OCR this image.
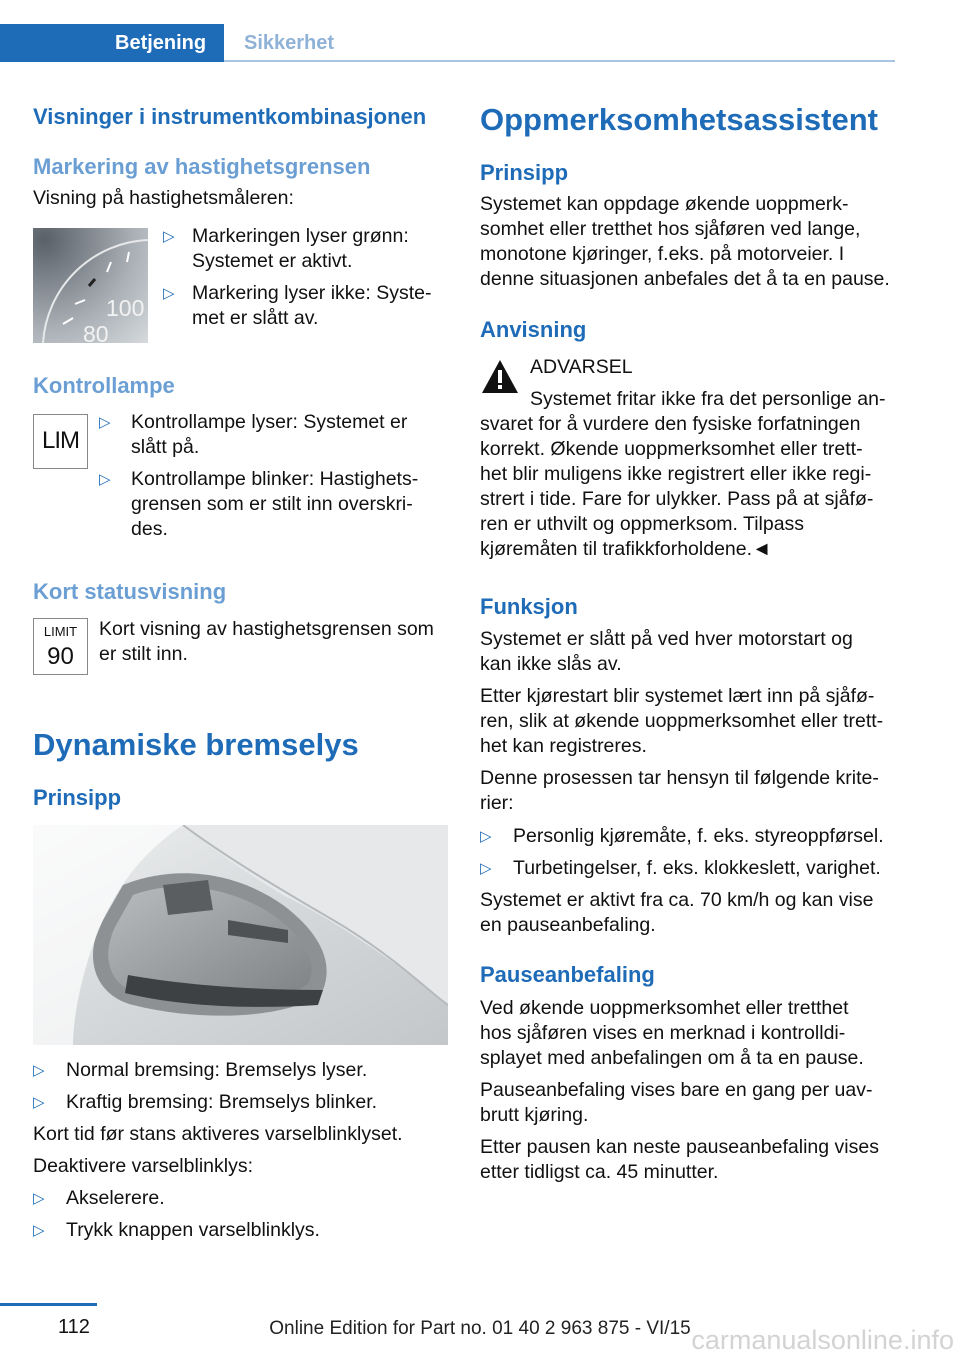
Betjening	Sikkerhet
Visninger i instrumentkombinasjonen
Markering av hastighetsgrensen
Visning på hastighetsmåleren:
100
80
▷ Markeringen lyser grønn:
Systemet er aktivt.
▷ Markering lyser ikke: Syste-
met er slått av.
Kontrollampe
LIM
▷ Kontrollampe lyser: Systemet er
slått på.
▷ Kontrollampe blinker: Hastighets-
grensen som er stilt inn overskri-
des.
Kort statusvisning
LIMIT
90
Kort visning av hastighetsgrensen som
er stilt inn.
Dynamiske bremselys
Prinsipp
▷ Normal bremsing: Bremselys lyser.
▷ Kraftig bremsing: Bremselys blinker.
Kort tid før stans aktiveres varselblinklyset.
Deaktivere varselblinklys:
▷ Akselerere.
▷ Trykk knappen varselblinklys.
Oppmerksomhetsassistent
Prinsipp
Systemet kan oppdage økende uoppmerk-
somhet eller tretthet hos sjåføren ved lange,
monotone kjøringer, f.eks. på motorveier. I
denne situasjonen anbefales det å ta en pause.
Anvisning
ADVARSEL
Systemet fritar ikke fra det personlige an-
svaret for å vurdere den fysiske forfatningen
korrekt. Økende uoppmerksomhet eller trett-
het blir muligens ikke registrert eller ikke regi-
strert i tide. Fare for ulykker. Pass på at sjåfø-
ren er uthvilt og oppmerksom. Tilpass
kjøremåten til trafikkforholdene.◄
Funksjon
Systemet er slått på ved hver motorstart og
kan ikke slås av.
Etter kjørestart blir systemet lært inn på sjåfø-
ren, slik at økende uoppmerksomhet eller trett-
het kan registreres.
Denne prosessen tar hensyn til følgende krite-
rier:
▷ Personlig kjøremåte, f. eks. styreoppførsel.
▷ Turbetingelser, f. eks. klokkeslett, varighet.
Systemet er aktivt fra ca. 70 km/h og kan vise
en pauseanbefaling.
Pauseanbefaling
Ved økende uoppmerksomhet eller tretthet
hos sjåføren vises en merknad i kontrolldi-
splayet med anbefalingen om å ta en pause.
Pauseanbefaling vises bare en gang per uav-
brutt kjøring.
Etter pausen kan neste pauseanbefaling vises
etter tidligst ca. 45 minutter.
112	Online Edition for Part no. 01 40 2 963 875 - VI/15 carmanualsonline.info
